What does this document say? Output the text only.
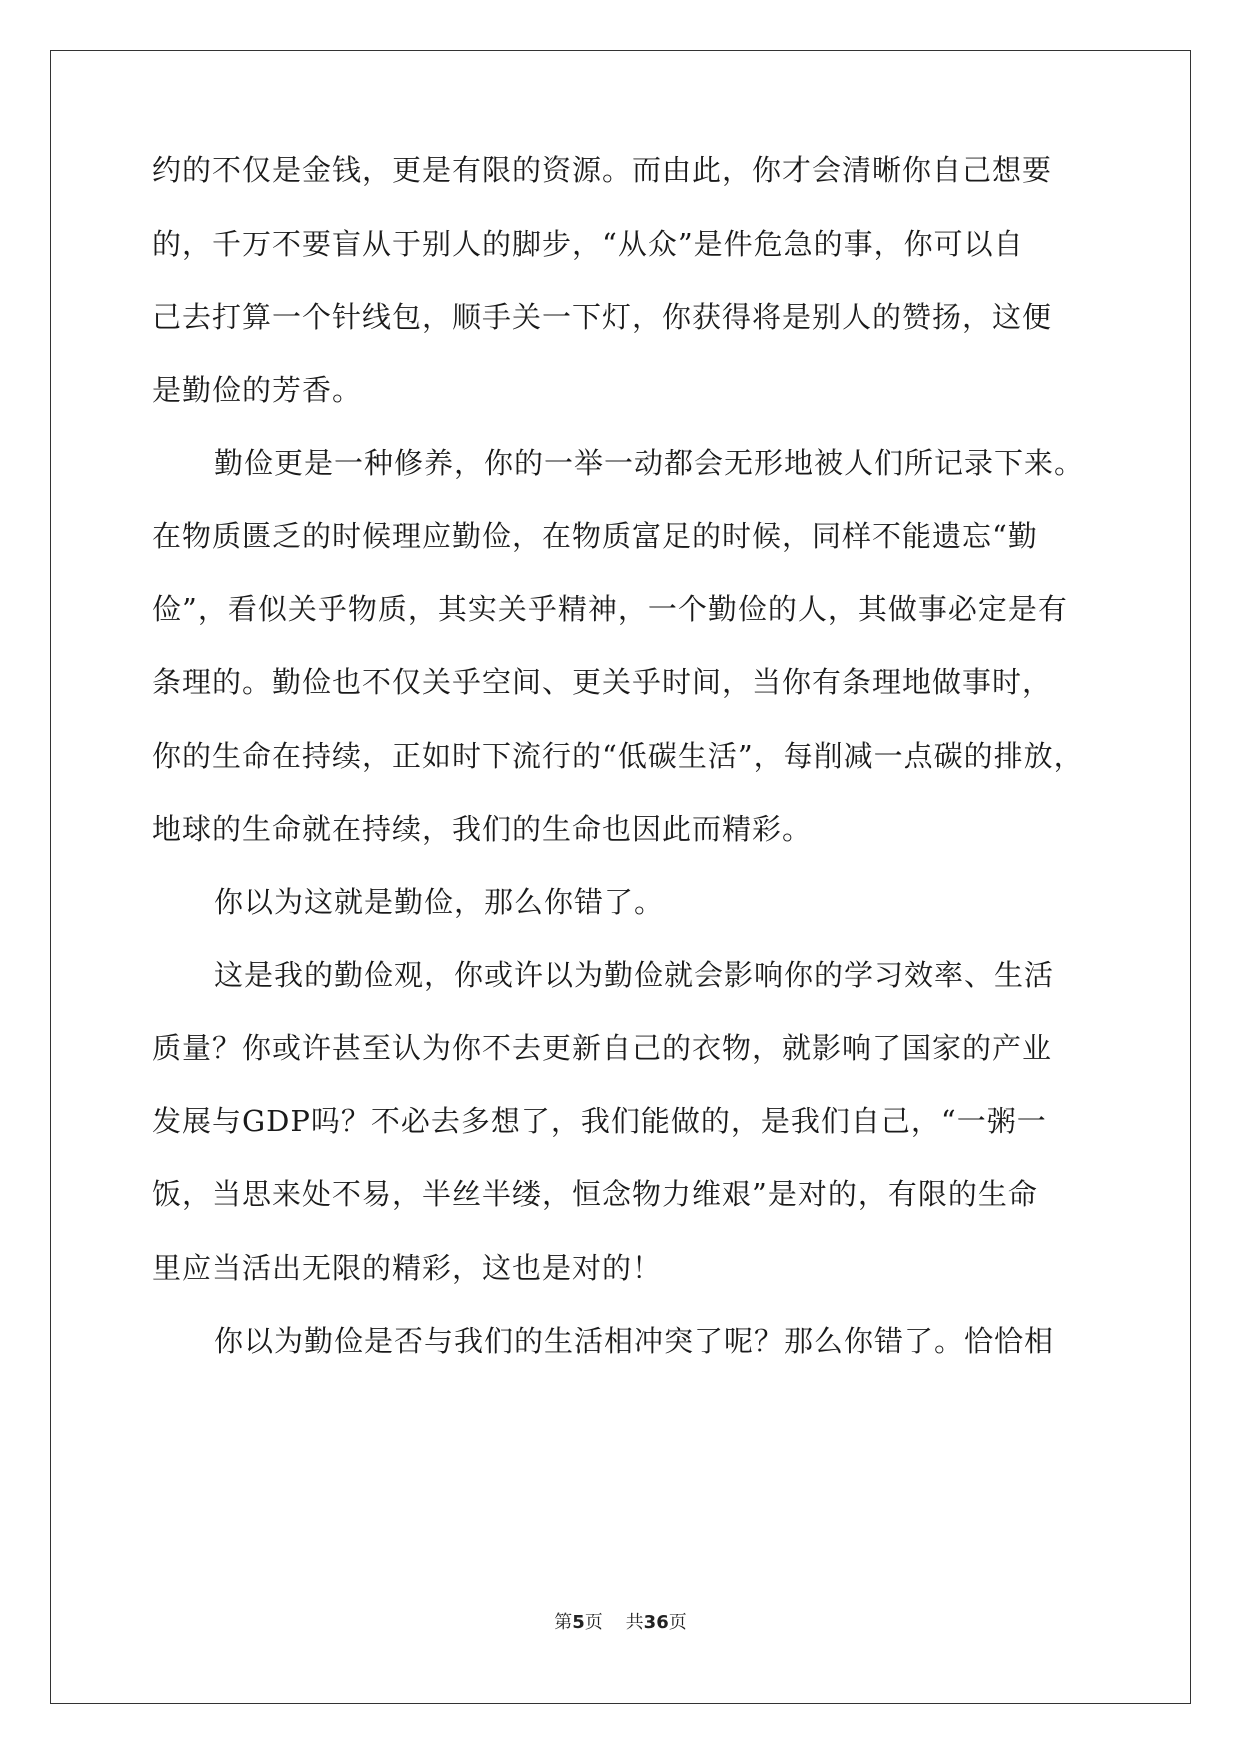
约的不仅是金钱，更是有限的资源。而由此，你才会清晰你自己想要
的，千万不要盲从于别人的脚步，“从众”是件危急的事，你可以自
己去打算一个针线包，顺手关一下灯，你获得将是别人的赞扬，这便
是勤俭的芳香。
勤俭更是一种修养，你的一举一动都会无形地被人们所记录下来。
在物质匮乏的时候理应勤俭，在物质富足的时候，同样不能遗忘“勤
俭”，看似关乎物质，其实关乎精神，一个勤俭的人，其做事必定是有
条理的。勤俭也不仅关乎空间、更关乎时间，当你有条理地做事时，
你的生命在持续，正如时下流行的“低碳生活”，每削减一点碳的排放，
地球的生命就在持续，我们的生命也因此而精彩。
你以为这就是勤俭，那么你错了。
这是我的勤俭观，你或许以为勤俭就会影响你的学习效率、生活
质量？你或许甚至认为你不去更新自己的衣物，就影响了国家的产业
发展与GDP吗？不必去多想了，我们能做的，是我们自己，“一粥一
饭，当思来处不易，半丝半缕，恒念物力维艰”是对的，有限的生命
里应当活出无限的精彩，这也是对的！
你以为勤俭是否与我们的生活相冲突了呢？那么你错了。恰恰相
第5页 共36页
